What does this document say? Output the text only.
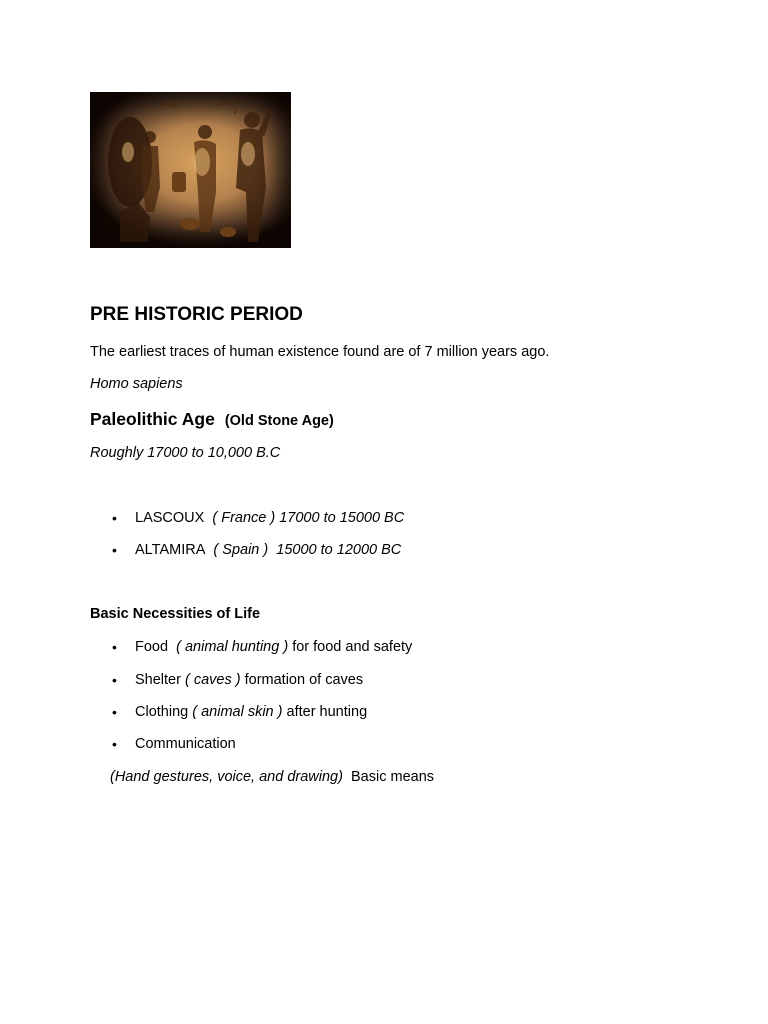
PRE HISTORIC PERIOD
The earliest traces of human existence found are of 7 million years ago.
Homo sapiens
Paleolithic Age (Old Stone Age)
Roughly 17000 to 10,000 B.C
• LASCOUX  ( France ) 17000 to 15000 BC
• ALTAMIRA  ( Spain )  15000 to 12000 BC
Basic Necessities of Life
• Food ( animal hunting ) for food and safety
• Shelter ( caves ) formation of caves
• Clothing ( animal skin ) after hunting
• Communication
(Hand gestures, voice, and drawing) Basic means
